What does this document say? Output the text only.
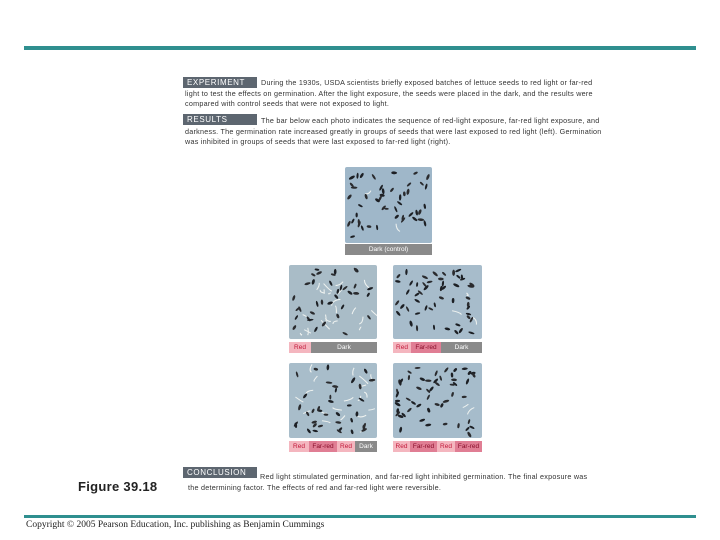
EXPERIMENT	During the 1930s, USDA scientists briefly exposed batches of lettuce seeds to red light or far-red light to test the effects on germination. After the light exposure, the seeds were placed in the dark, and the results were compared with control seeds that were not exposed to light.

RESULTS	The bar below each photo indicates the sequence of red-light exposure, far-red light exposure, and darkness. The germination rate increased greatly in groups of seeds that were last exposed to red light (left). Germination was inhibited in groups of seeds that were last exposed to far-red light (right).

Dark (control)
Red	Dark	Red	Far-red	Dark
Red	Far-red Red	Dark	Red Far-red Red Far-red
Figure 39.18
CONCLUSION	Red light stimulated germination, and far-red light inhibited germination. The final exposure was the determining factor. The effects of red and far-red light were reversible.

Copyright © 2005 Pearson Education, Inc. publishing as Benjamin Cummings
